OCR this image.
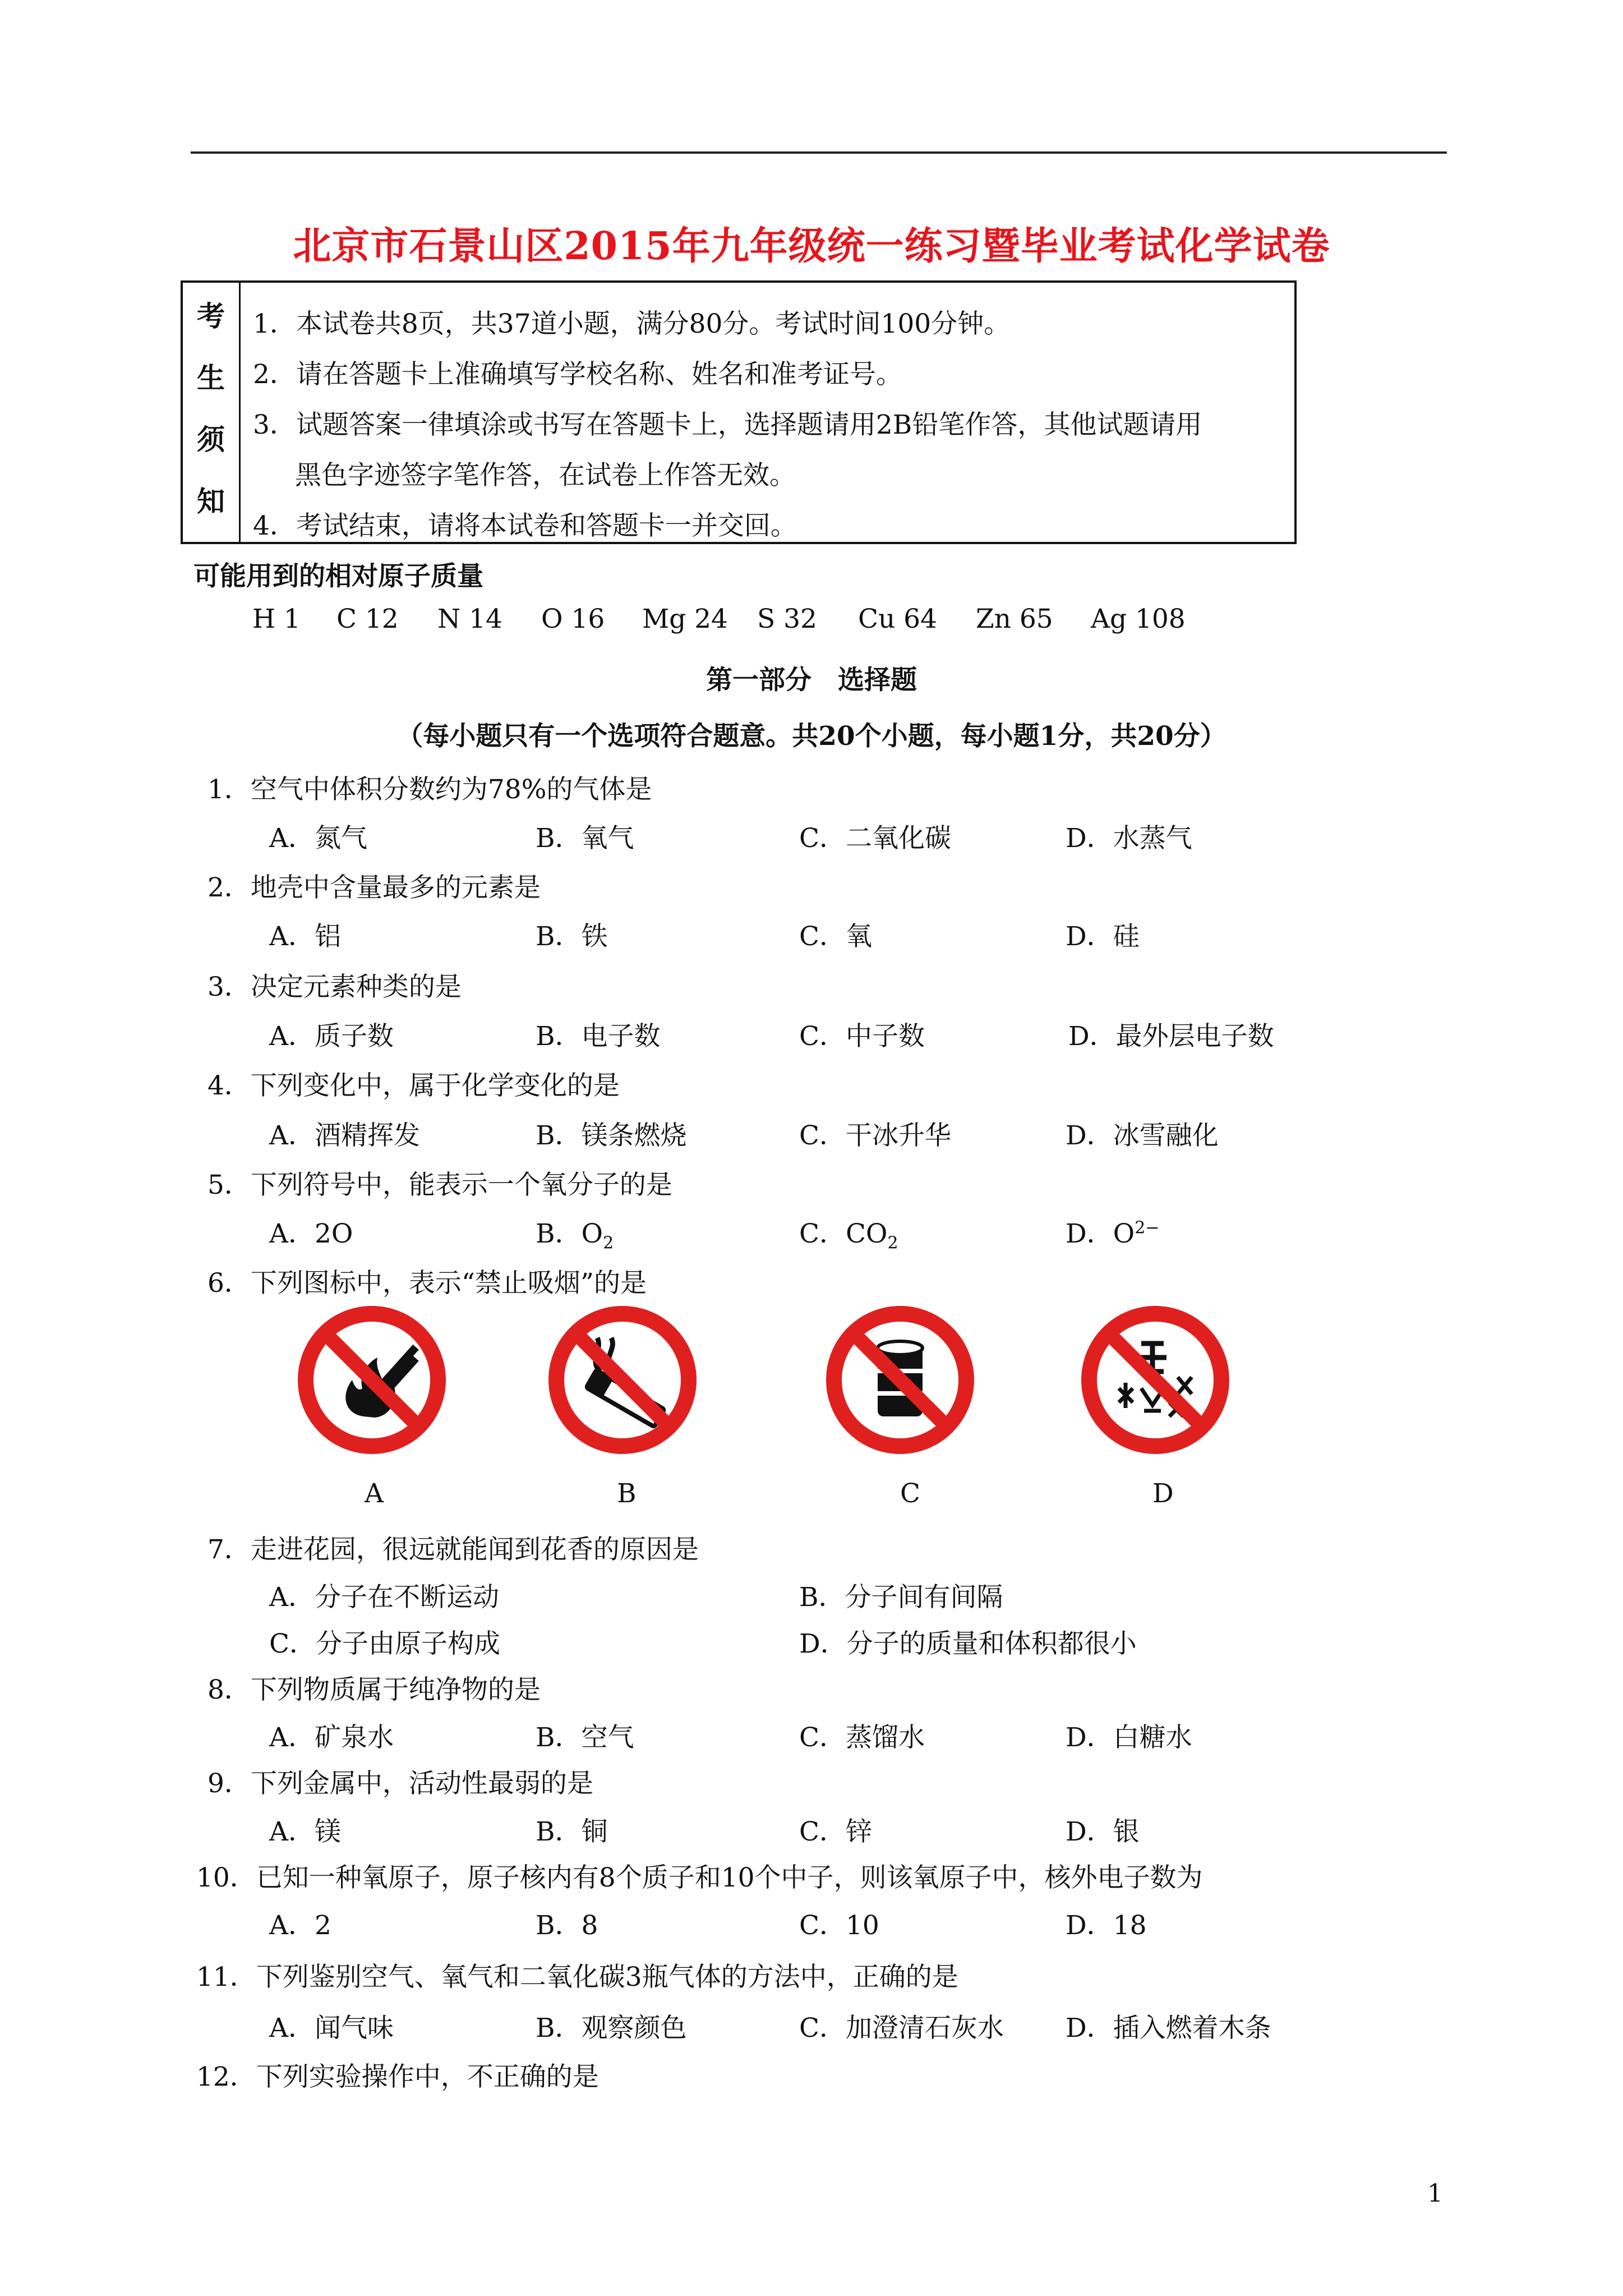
北京市石景山区2015年九年级统一练习暨毕业考试化学试卷
考
生
须
知
1．本试卷共8页，共37道小题，满分80分。考试时间100分钟。
2．请在答题卡上准确填写学校名称、姓名和准考证号。
3．试题答案一律填涂或书写在答题卡上，选择题请用2B铅笔作答，其他试题请用
黑色字迹签字笔作答，在试卷上作答无效。
4．考试结束，请将本试卷和答题卡一并交回。
可能用到的相对原子质量
H 1 C 12 N 14 O 16 Mg 24 S 32 Cu 64 Zn 65 Ag 108
第一部分　选择题
（每小题只有一个选项符合题意。共20个小题，每小题1分，共20分）
1．空气中体积分数约为78%的气体是
A．氮气	B．氧气	C．二氧化碳	D．水蒸气
2．地壳中含量最多的元素是
A．铝	B．铁	C．氧	D．硅
3．决定元素种类的是
A．质子数	B．电子数	C．中子数	D．最外层电子数
4．下列变化中，属于化学变化的是
A．酒精挥发	B．镁条燃烧	C．干冰升华	D．冰雪融化
5．下列符号中，能表示一个氧分子的是
A．2O	B．$O_2$	C．$CO_2$	D．$O^{2-}$
6．下列图标中，表示“禁止吸烟”的是
A	B	C	D
7．走进花园，很远就能闻到花香的原因是
A．分子在不断运动	B．分子间有间隔
C．分子由原子构成	D．分子的质量和体积都很小
8．下列物质属于纯净物的是
A．矿泉水	B．空气	C．蒸馏水	D．白糖水
9．下列金属中，活动性最弱的是
A．镁	B．铜	C．锌	D．银
10．已知一种氧原子，原子核内有8个质子和10个中子，则该氧原子中，核外电子数为
A．2	B．8	C．10	D．18
11．下列鉴别空气、氧气和二氧化碳3瓶气体的方法中，正确的是
A．闻气味	B．观察颜色	C．加澄清石灰水 D．插入燃着木条
12．下列实验操作中，不正确的是
1
